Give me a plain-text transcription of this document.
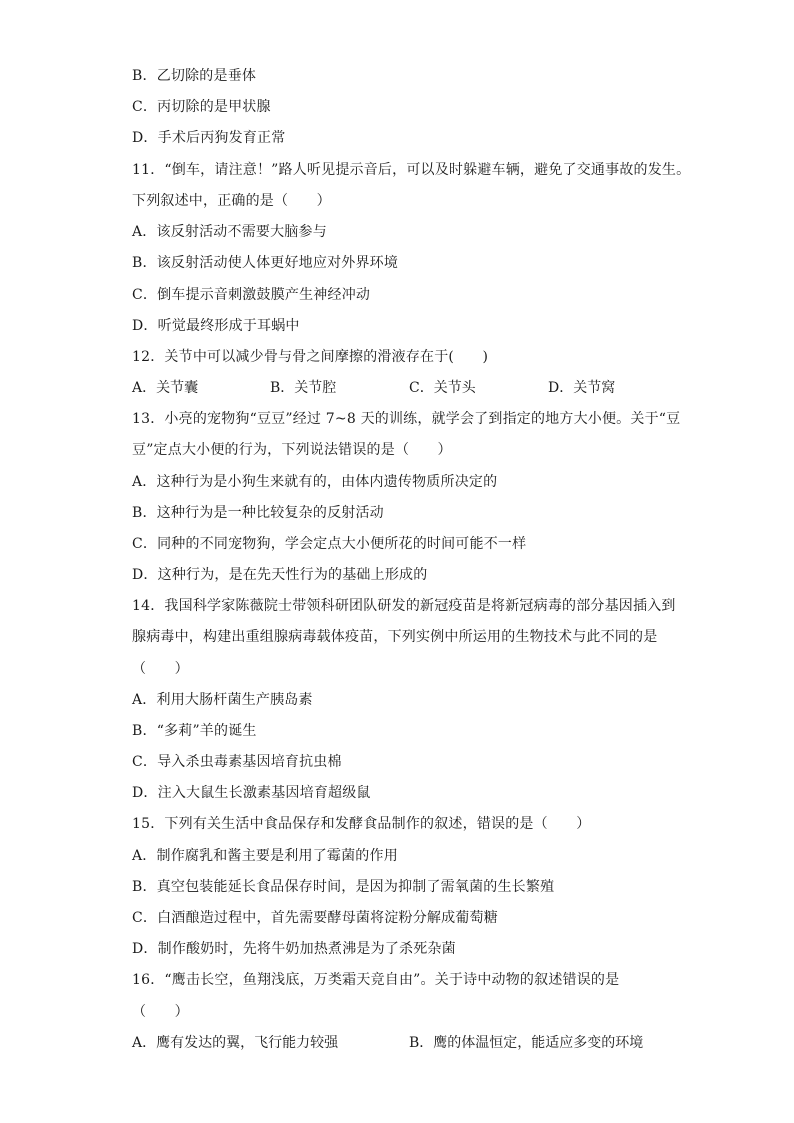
B．乙切除的是垂体
C．丙切除的是甲状腺
D．手术后丙狗发育正常
11．“倒车，请注意！”路人听见提示音后，可以及时躲避车辆，避免了交通事故的发生。
下列叙述中，正确的是（　　）
A．该反射活动不需要大脑参与
B．该反射活动使人体更好地应对外界环境
C．倒车提示音刺激鼓膜产生神经冲动
D．听觉最终形成于耳蜗中
12．关节中可以减少骨与骨之间摩擦的滑液存在于(　　)
A．关节囊	B．关节腔	C．关节头	D．关节窝
13．小亮的宠物狗“豆豆”经过 7~8 天的训练，就学会了到指定的地方大小便。关于“豆
豆”定点大小便的行为，下列说法错误的是（　　）
A．这种行为是小狗生来就有的，由体内遗传物质所决定的
B．这种行为是一种比较复杂的反射活动
C．同种的不同宠物狗，学会定点大小便所花的时间可能不一样
D．这种行为，是在先天性行为的基础上形成的
14．我国科学家陈薇院士带领科研团队研发的新冠疫苗是将新冠病毒的部分基因插入到
腺病毒中，构建出重组腺病毒载体疫苗，下列实例中所运用的生物技术与此不同的是
（　　）
A．利用大肠杆菌生产胰岛素
B．“多莉”羊的诞生
C．导入杀虫毒素基因培育抗虫棉
D．注入大鼠生长激素基因培育超级鼠
15．下列有关生活中食品保存和发酵食品制作的叙述，错误的是（　　）
A．制作腐乳和酱主要是利用了霉菌的作用
B．真空包装能延长食品保存时间，是因为抑制了需氧菌的生长繁殖
C．白酒酿造过程中，首先需要酵母菌将淀粉分解成葡萄糖
D．制作酸奶时，先将牛奶加热煮沸是为了杀死杂菌
16．“鹰击长空，鱼翔浅底，万类霜天竞自由”。关于诗中动物的叙述错误的是
（　　）
A．鹰有发达的翼，飞行能力较强	B．鹰的体温恒定，能适应多变的环境
